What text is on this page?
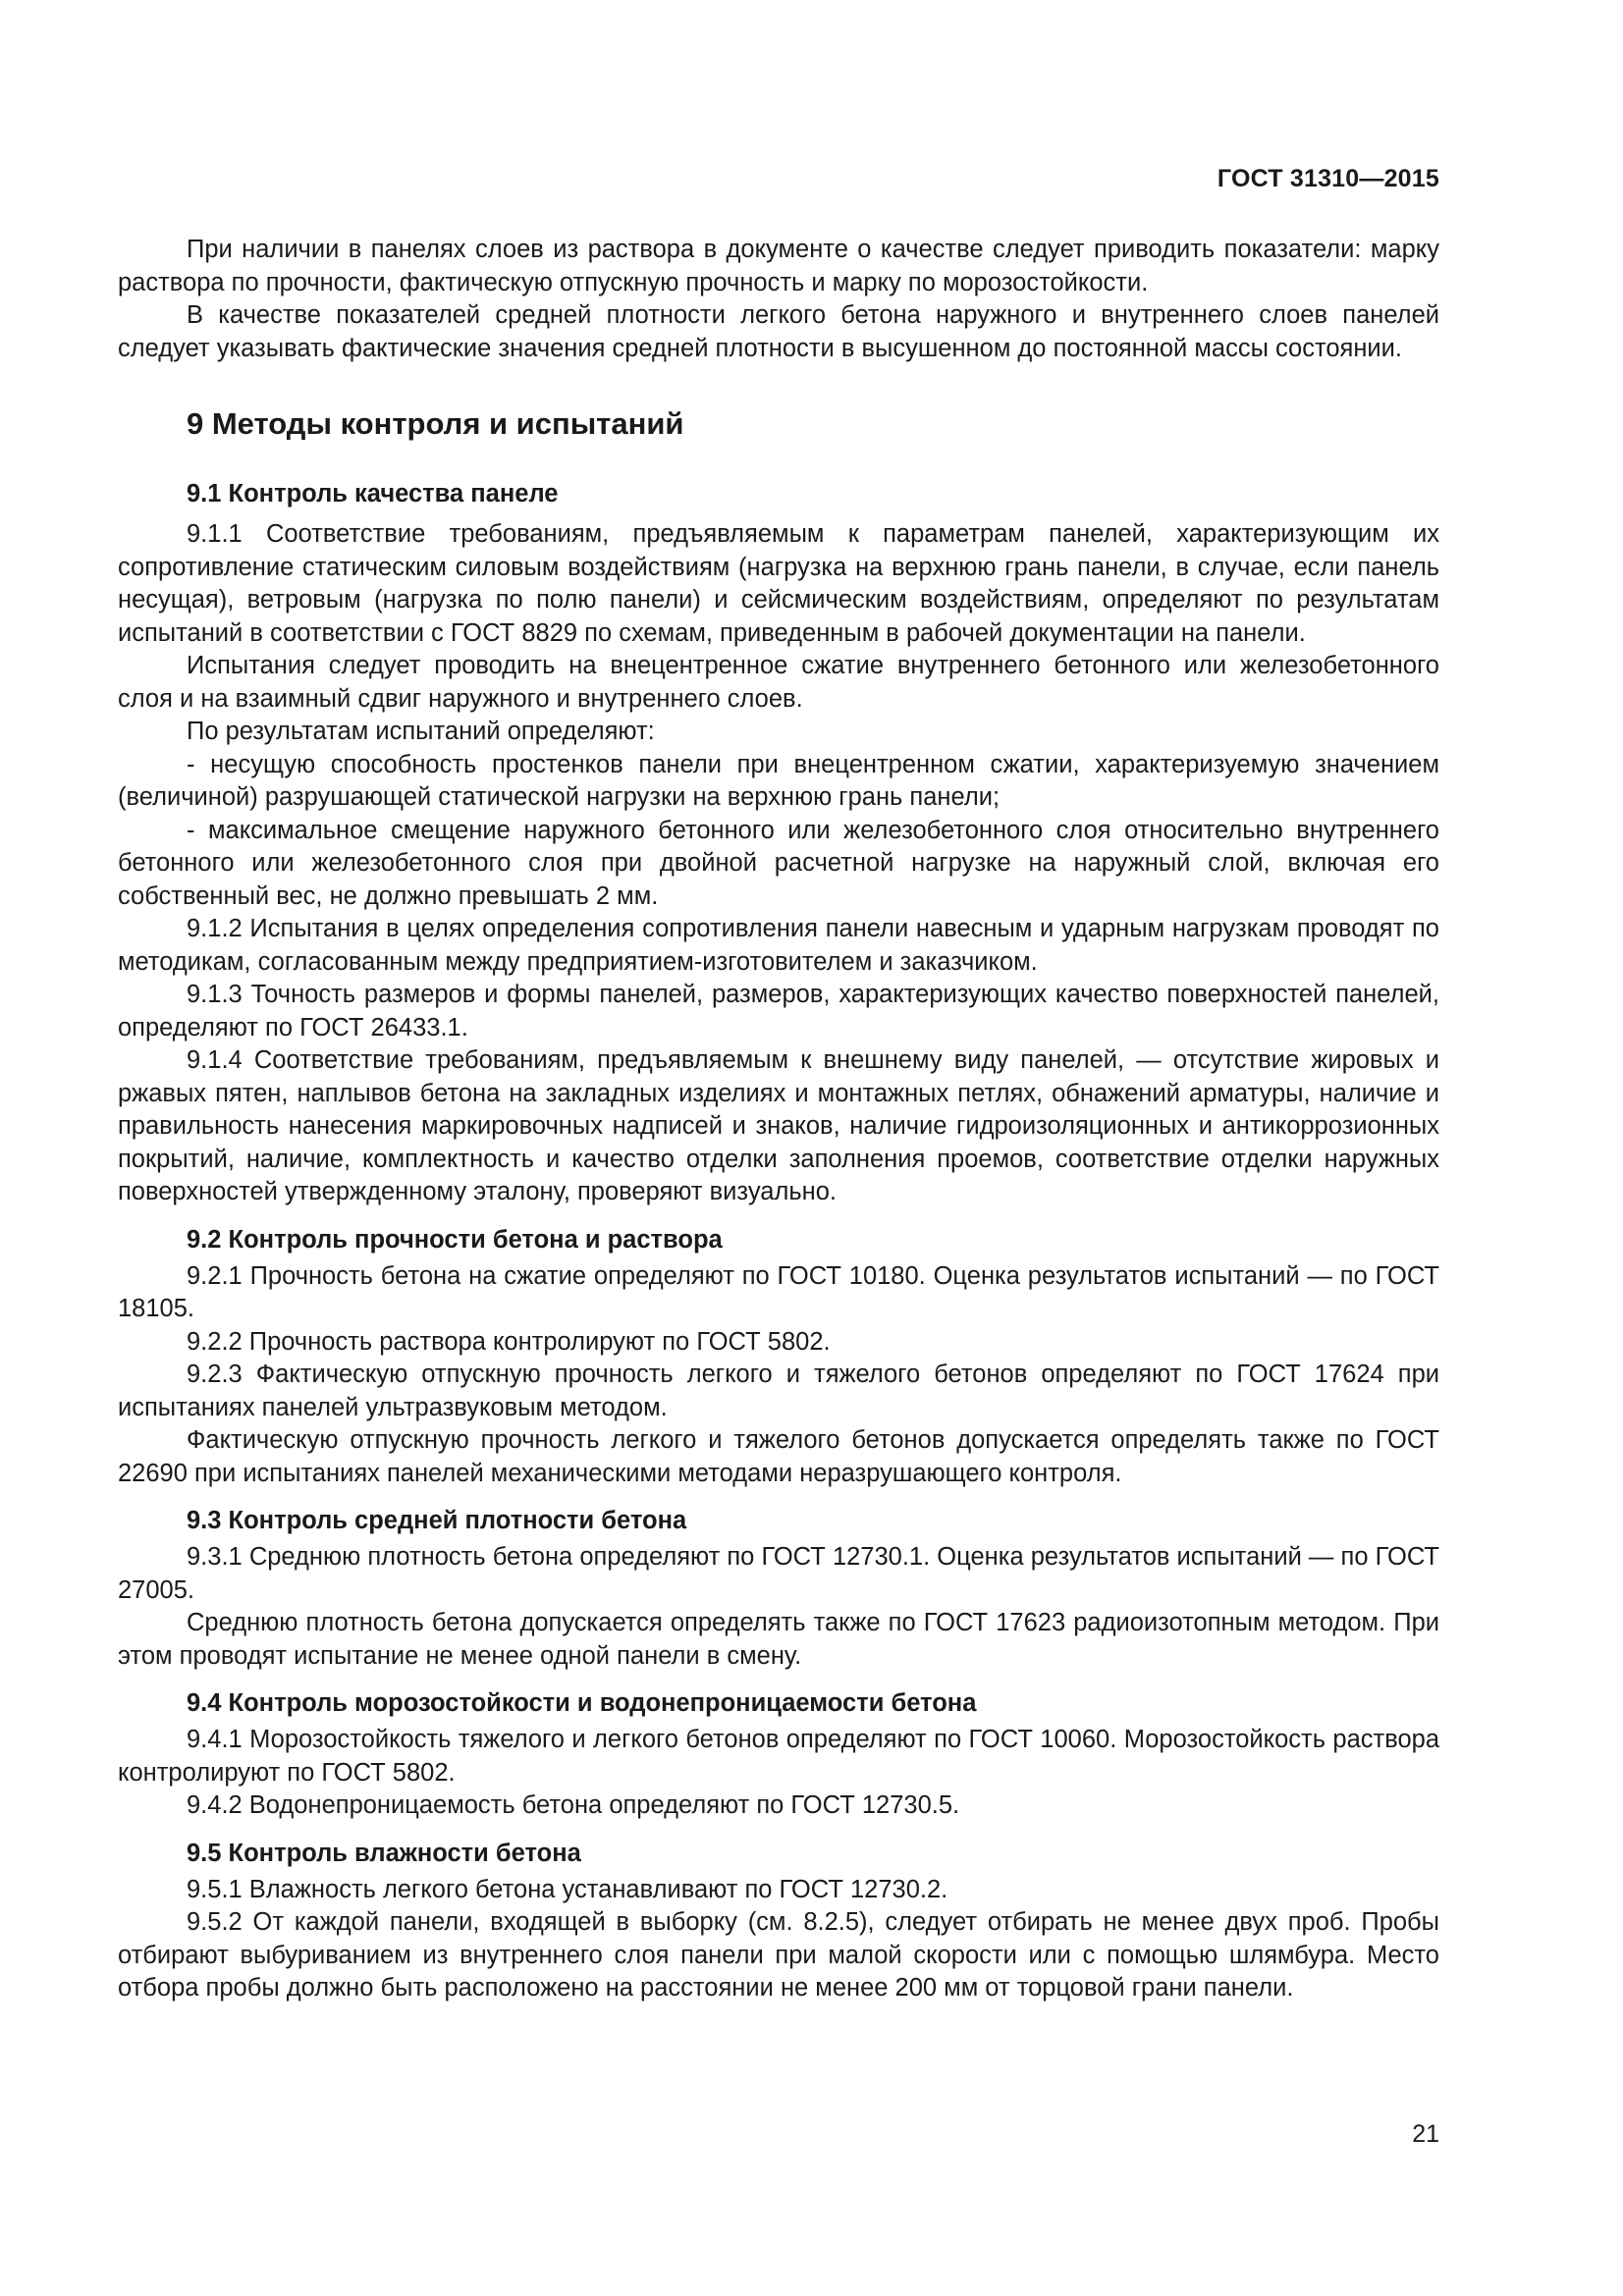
ГОСТ 31310—2015

При наличии в панелях слоев из раствора в документе о качестве следует приводить показатели: марку раствора по прочности, фактическую отпускную прочность и марку по морозостойкости.

В качестве показателей средней плотности легкого бетона наружного и внутреннего слоев панелей следует указывать фактические значения средней плотности в высушенном до постоянной массы состоянии.

9 Методы контроля и испытаний
9.1 Контроль качества панеле

9.1.1 Соответствие требованиям, предъявляемым к параметрам панелей, характеризующим их сопротивление статическим силовым воздействиям (нагрузка на верхнюю грань панели, в случае, если панель несущая), ветровым (нагрузка по полю панели) и сейсмическим воздействиям, определяют по результатам испытаний в соответствии с ГОСТ 8829 по схемам, приведенным в рабочей документации на панели.

Испытания следует проводить на внецентренное сжатие внутреннего бетонного или железобетонного слоя и на взаимный сдвиг наружного и внутреннего слоев.

По результатам испытаний определяют:

- несущую способность простенков панели при внецентренном сжатии, характеризуемую значением (величиной) разрушающей статической нагрузки на верхнюю грань панели;

- максимальное смещение наружного бетонного или железобетонного слоя относительно внутреннего бетонного или железобетонного слоя при двойной расчетной нагрузке на наружный слой, включая его собственный вес, не должно превышать 2 мм.

9.1.2 Испытания в целях определения сопротивления панели навесным и ударным нагрузкам проводят по методикам, согласованным между предприятием-изготовителем и заказчиком.

9.1.3 Точность размеров и формы панелей, размеров, характеризующих качество поверхностей панелей, определяют по ГОСТ 26433.1.

9.1.4 Соответствие требованиям, предъявляемым к внешнему виду панелей, — отсутствие жировых и ржавых пятен, наплывов бетона на закладных изделиях и монтажных петлях, обнажений арматуры, наличие и правильность нанесения маркировочных надписей и знаков, наличие гидроизоляционных и антикоррозионных покрытий, наличие, комплектность и качество отделки заполнения проемов, соответствие отделки наружных поверхностей утвержденному эталону, проверяют визуально.

9.2 Контроль прочности бетона и раствора

9.2.1 Прочность бетона на сжатие определяют по ГОСТ 10180. Оценка результатов испытаний — по ГОСТ 18105.

9.2.2 Прочность раствора контролируют по ГОСТ 5802.

9.2.3 Фактическую отпускную прочность легкого и тяжелого бетонов определяют по ГОСТ 17624 при испытаниях панелей ультразвуковым методом.

Фактическую отпускную прочность легкого и тяжелого бетонов допускается определять также по ГОСТ 22690 при испытаниях панелей механическими методами неразрушающего контроля.

9.3 Контроль средней плотности бетона

9.3.1 Среднюю плотность бетона определяют по ГОСТ 12730.1. Оценка результатов испытаний — по ГОСТ 27005.

Среднюю плотность бетона допускается определять также по ГОСТ 17623 радиоизотопным методом. При этом проводят испытание не менее одной панели в смену.

9.4 Контроль морозостойкости и водонепроницаемости бетона

9.4.1 Морозостойкость тяжелого и легкого бетонов определяют по ГОСТ 10060. Морозостойкость раствора контролируют по ГОСТ 5802.

9.4.2 Водонепроницаемость бетона определяют по ГОСТ 12730.5.

9.5 Контроль влажности бетона

9.5.1 Влажность легкого бетона устанавливают по ГОСТ 12730.2.

9.5.2 От каждой панели, входящей в выборку (см. 8.2.5), следует отбирать не менее двух проб. Пробы отбирают выбуриванием из внутреннего слоя панели при малой скорости или с помощью шлямбура. Место отбора пробы должно быть расположено на расстоянии не менее 200 мм от торцовой грани панели.

21
